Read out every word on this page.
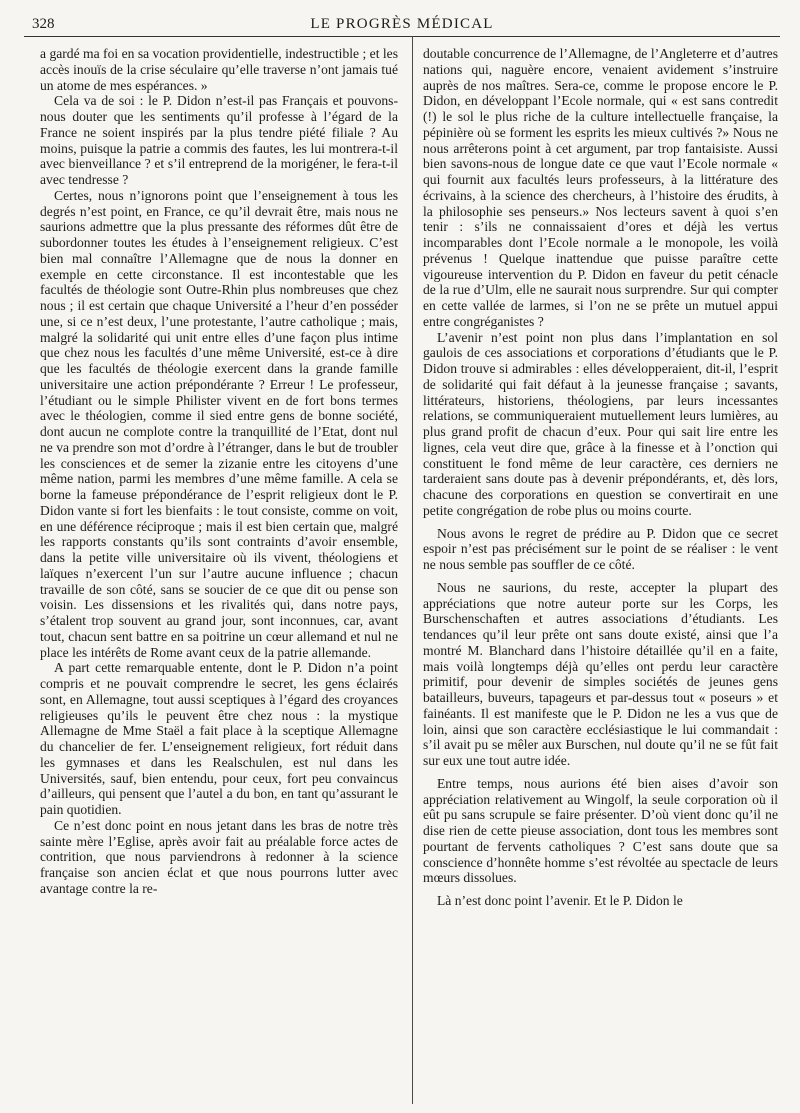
328	LE PROGRÈS MÉDICAL

a gardé ma foi en sa vocation providentielle, indestructible ; et les accès inouïs de la crise séculaire qu’elle traverse n’ont jamais tué un atome de mes espérances. »

Cela va de soi : le P. Didon n’est-il pas Français et pouvons-nous douter que les sentiments qu’il professe à l’égard de la France ne soient inspirés par la plus tendre piété filiale ? Au moins, puisque la patrie a commis des fautes, les lui montrera-t-il avec bienveillance ? et s’il entreprend de la morigéner, le fera-t-il avec tendresse ?

Certes, nous n’ignorons point que l’enseignement à tous les degrés n’est point, en France, ce qu’il devrait être, mais nous ne saurions admettre que la plus pressante des réformes dût être de subordonner toutes les études à l’enseignement religieux. C’est bien mal connaître l’Allemagne que de nous la donner en exemple en cette circonstance. Il est incontestable que les facultés de théologie sont Outre-Rhin plus nombreuses que chez nous ; il est certain que chaque Université a l’heur d’en posséder une, si ce n’est deux, l’une protestante, l’autre catholique ; mais, malgré la solidarité qui unit entre elles d’une façon plus intime que chez nous les facultés d’une même Université, est-ce à dire que les facultés de théologie exercent dans la grande famille universitaire une action prépondérante ? Erreur ! Le professeur, l’étudiant ou le simple Philister vivent en de fort bons termes avec le théologien, comme il sied entre gens de bonne société, dont aucun ne complote contre la tranquillité de l’Etat, dont nul ne va prendre son mot d’ordre à l’étranger, dans le but de troubler les consciences et de semer la zizanie entre les citoyens d’une même nation, parmi les membres d’une même famille. A cela se borne la fameuse prépondérance de l’esprit religieux dont le P. Didon vante si fort les bienfaits : le tout consiste, comme on voit, en une déférence réciproque ; mais il est bien certain que, malgré les rapports constants qu’ils sont contraints d’avoir ensemble, dans la petite ville universitaire où ils vivent, théologiens et laïques n’exercent l’un sur l’autre aucune influence ; chacun travaille de son côté, sans se soucier de ce que dit ou pense son voisin. Les dissensions et les rivalités qui, dans notre pays, s’étalent trop souvent au grand jour, sont inconnues, car, avant tout, chacun sent battre en sa poitrine un cœur allemand et nul ne place les intérêts de Rome avant ceux de la patrie allemande.

A part cette remarquable entente, dont le P. Didon n’a point compris et ne pouvait comprendre le secret, les gens éclairés sont, en Allemagne, tout aussi sceptiques à l’égard des croyances religieuses qu’ils le peuvent être chez nous : la mystique Allemagne de Mme Staël a fait place à la sceptique Allemagne du chancelier de fer. L’enseignement religieux, fort réduit dans les gymnases et dans les Realschulen, est nul dans les Universités, sauf, bien entendu, pour ceux, fort peu convaincus d’ailleurs, qui pensent que l’autel a du bon, en tant qu’assurant le pain quotidien.

Ce n’est donc point en nous jetant dans les bras de notre très sainte mère l’Eglise, après avoir fait au préalable force actes de contrition, que nous parviendrons à redonner à la science française son ancien éclat et que nous pourrons lutter avec avantage contre la re-

doutable concurrence de l’Allemagne, de l’Angleterre et d’autres nations qui, naguère encore, venaient avidement s’instruire auprès de nos maîtres. Sera-ce, comme le propose encore le P. Didon, en développant l’Ecole normale, qui « est sans contredit (!) le sol le plus riche de la culture intellectuelle française, la pépinière où se forment les esprits les mieux cultivés ?» Nous ne nous arrêterons point à cet argument, par trop fantaisiste. Aussi bien savons-nous de longue date ce que vaut l’Ecole normale « qui fournit aux facultés leurs professeurs, à la littérature des écrivains, à la science des chercheurs, à l’histoire des érudits, à la philosophie ses penseurs.» Nos lecteurs savent à quoi s’en tenir : s’ils ne connaissaient d’ores et déjà les vertus incomparables dont l’Ecole normale a le monopole, les voilà prévenus ! Quelque inattendue que puisse paraître cette vigoureuse intervention du P. Didon en faveur du petit cénacle de la rue d’Ulm, elle ne saurait nous surprendre. Sur qui compter en cette vallée de larmes, si l’on ne se prête un mutuel appui entre congréganistes ?

L’avenir n’est point non plus dans l’implantation en sol gaulois de ces associations et corporations d’étudiants que le P. Didon trouve si admirables : elles développeraient, dit-il, l’esprit de solidarité qui fait défaut à la jeunesse française ; savants, littérateurs, historiens, théologiens, par leurs incessantes relations, se communiqueraient mutuellement leurs lumières, au plus grand profit de chacun d’eux. Pour qui sait lire entre les lignes, cela veut dire que, grâce à la finesse et à l’onction qui constituent le fond même de leur caractère, ces derniers ne tarderaient sans doute pas à devenir prépondérants, et, dès lors, chacune des corporations en question se convertirait en une petite congrégation de robe plus ou moins courte.

Nous avons le regret de prédire au P. Didon que ce secret espoir n’est pas précisément sur le point de se réaliser : le vent ne nous semble pas souffler de ce côté.

Nous ne saurions, du reste, accepter la plupart des appréciations que notre auteur porte sur les Corps, les Burschenschaften et autres associations d’étudiants. Les tendances qu’il leur prête ont sans doute existé, ainsi que l’a montré M. Blanchard dans l’histoire détaillée qu’il en a faite, mais voilà longtemps déjà qu’elles ont perdu leur caractère primitif, pour devenir de simples sociétés de jeunes gens batailleurs, buveurs, tapageurs et par-dessus tout « poseurs » et fainéants. Il est manifeste que le P. Didon ne les a vus que de loin, ainsi que son caractère ecclésiastique le lui commandait : s’il avait pu se mêler aux Burschen, nul doute qu’il ne se fût fait sur eux une tout autre idée.

Entre temps, nous aurions été bien aises d’avoir son appréciation relativement au Wingolf, la seule corporation où il eût pu sans scrupule se faire présenter. D’où vient donc qu’il ne dise rien de cette pieuse association, dont tous les membres sont pourtant de fervents catholiques ? C’est sans doute que sa conscience d’honnête homme s’est révoltée au spectacle de leurs mœurs dissolues.

Là n’est donc point l’avenir. Et le P. Didon le
